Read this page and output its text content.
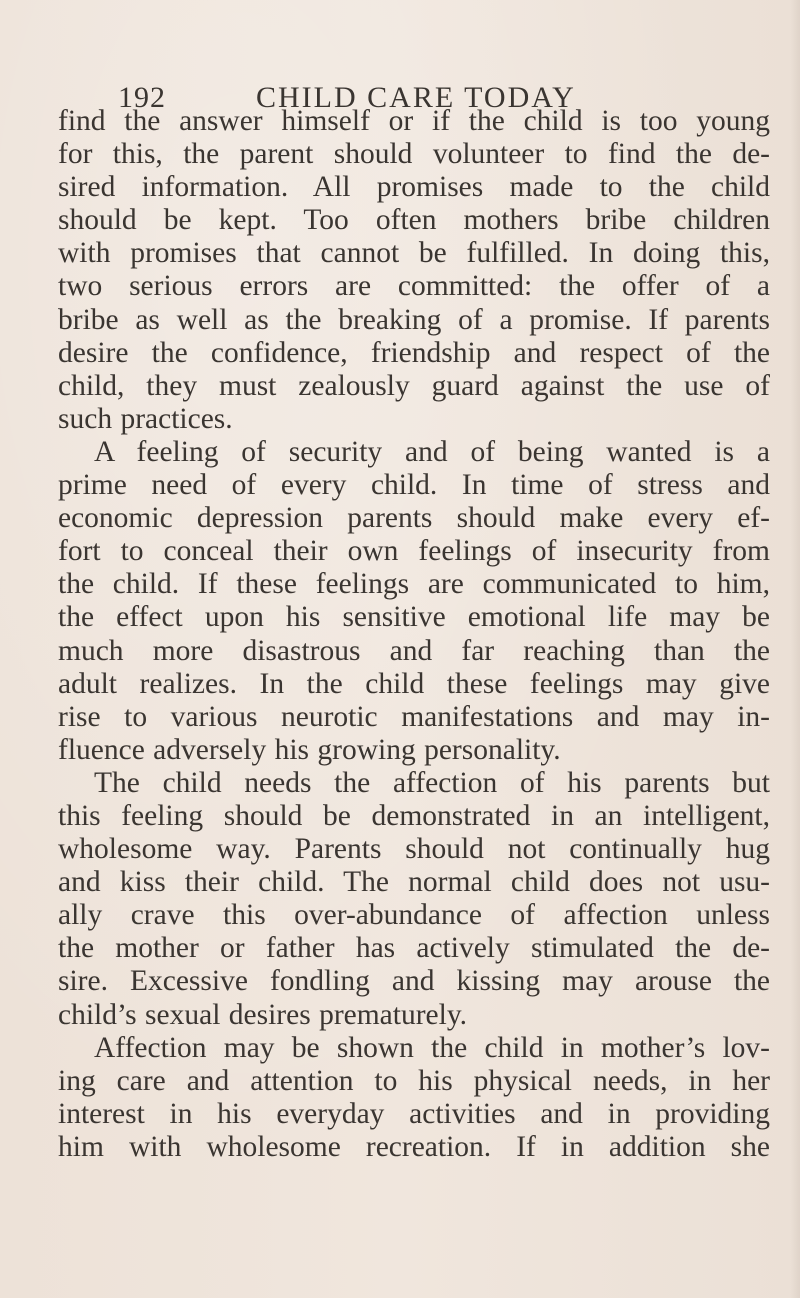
192	CHILD CARE TODAY
find the answer himself or if the child is too young
for this, the parent should volunteer to find the de-
sired information. All promises made to the child
should be kept. Too often mothers bribe children
with promises that cannot be fulfilled. In doing this,
two serious errors are committed: the offer of a
bribe as well as the breaking of a promise. If parents
desire the confidence, friendship and respect of the
child, they must zealously guard against the use of
such practices.
A feeling of security and of being wanted is a
prime need of every child. In time of stress and
economic depression parents should make every ef-
fort to conceal their own feelings of insecurity from
the child. If these feelings are communicated to him,
the effect upon his sensitive emotional life may be
much more disastrous and far reaching than the
adult realizes. In the child these feelings may give
rise to various neurotic manifestations and may in-
fluence adversely his growing personality.
The child needs the affection of his parents but
this feeling should be demonstrated in an intelligent,
wholesome way. Parents should not continually hug
and kiss their child. The normal child does not usu-
ally crave this over-abundance of affection unless
the mother or father has actively stimulated the de-
sire. Excessive fondling and kissing may arouse the
child’s sexual desires prematurely.
Affection may be shown the child in mother’s lov-
ing care and attention to his physical needs, in her
interest in his everyday activities and in providing
him with wholesome recreation. If in addition she
